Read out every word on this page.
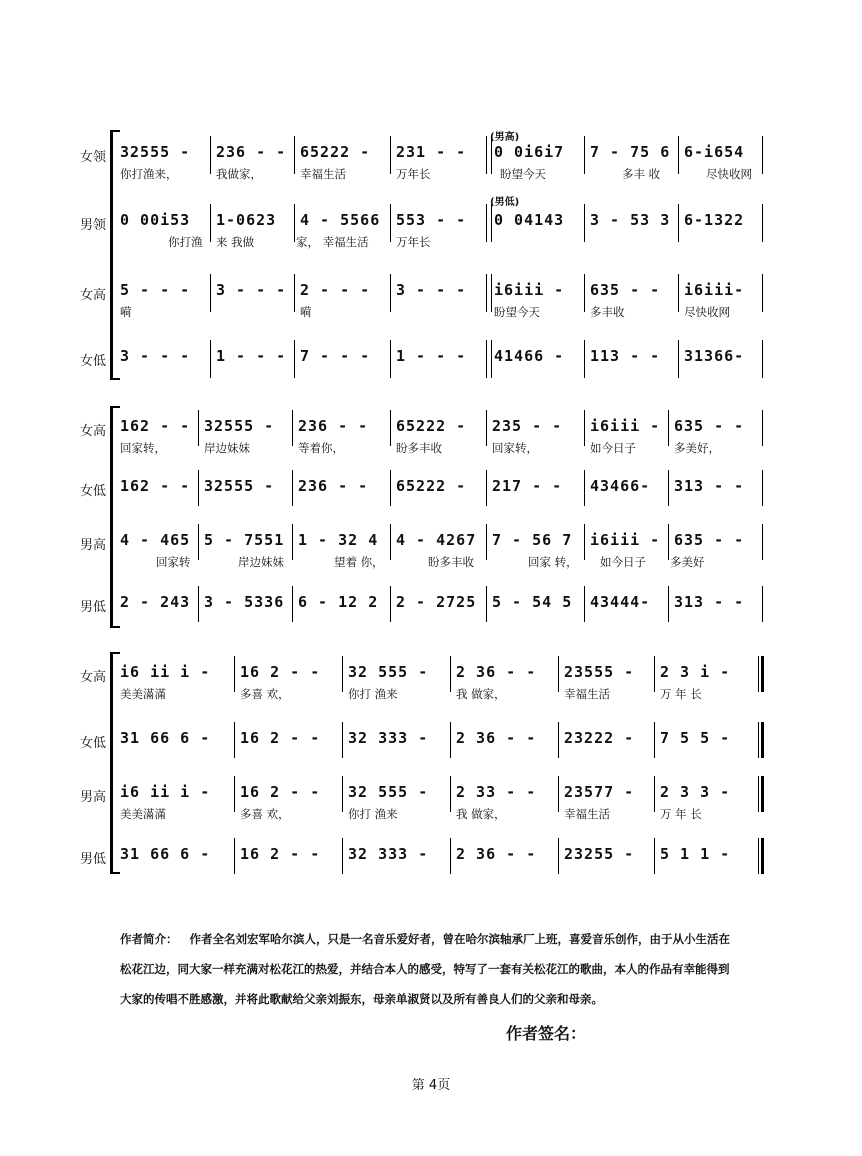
(男高)
(男低)
女领 32555 - 236 - - 65222 - 231 - - 0 0i6i7 7 - 75 6 6-i654
你打渔来，	我做家，	幸福生活	万年长	盼望今天	多丰 收	尽快收网
男领 0 00i53 1-0623 4 - 5566 553 - - 0 04143 3 - 53 3 6-1322
你打渔 来 我做	家， 幸福生活 万年长
女高 5 - - - 3 - - - 2 - - - 3 - - - i6iii - 635 - - i6iii-
嗬	嗬	盼望今天	多丰收	尽快收网
女低 3 - - - 1 - - - 7 - - - 1 - - - 41466 - 113 - - 31366-
女高 162 - - 32555 - 236 - - 65222 - 235 - - i6iii - 635 - -
回家转，	岸边妹妹	等着你，	盼多丰收	回家转，	如今日子	多美好，
女低 162 - - 32555 - 236 - - 65222 - 217 - - 43466- 313 - -
男高 4 - 465 5 - 7551 1 - 32 4 4 - 4267 7 - 56 7 i6iii - 635 - -
回家转	岸边妹妹	望着 你，	盼多丰收	回家 转， 如今日子 多美好
男低 2 - 243 3 - 5336 6 - 12 2 2 - 2725 5 - 54 5 43444- 313 - -
女高 i6 ii i - 16 2 - - 32 555 - 2 36 - - 23555 - 2 3 i -
美美滿滿	多喜 欢，	你打 渔来	我 做家，	幸福生活	万 年 长
女低 31 66 6 - 16 2 - - 32 333 - 2 36 - - 23222 - 7 5 5 -
男高 i6 ii i - 16 2 - - 32 555 - 2 33 - - 23577 - 2 3 3 -
美美滿滿	多喜 欢，	你打 渔来	我 做家，	幸福生活	万 年 长
男低 31 66 6 - 16 2 - - 32 333 - 2 36 - - 23255 - 5 1 1 -
作者简介： 作者全名刘宏军哈尔滨人，只是一名音乐爱好者，曾在哈尔滨轴承厂上班，喜爱音乐创作，由于从小生活在
松花江边，同大家一样充满对松花江的热爱，并结合本人的感受，特写了一套有关松花江的歌曲，本人的作品有幸能得到
大家的传唱不胜感激，并将此歌献给父亲刘振东，母亲单淑贤以及所有善良人们的父亲和母亲。
作者签名：
第 4页
